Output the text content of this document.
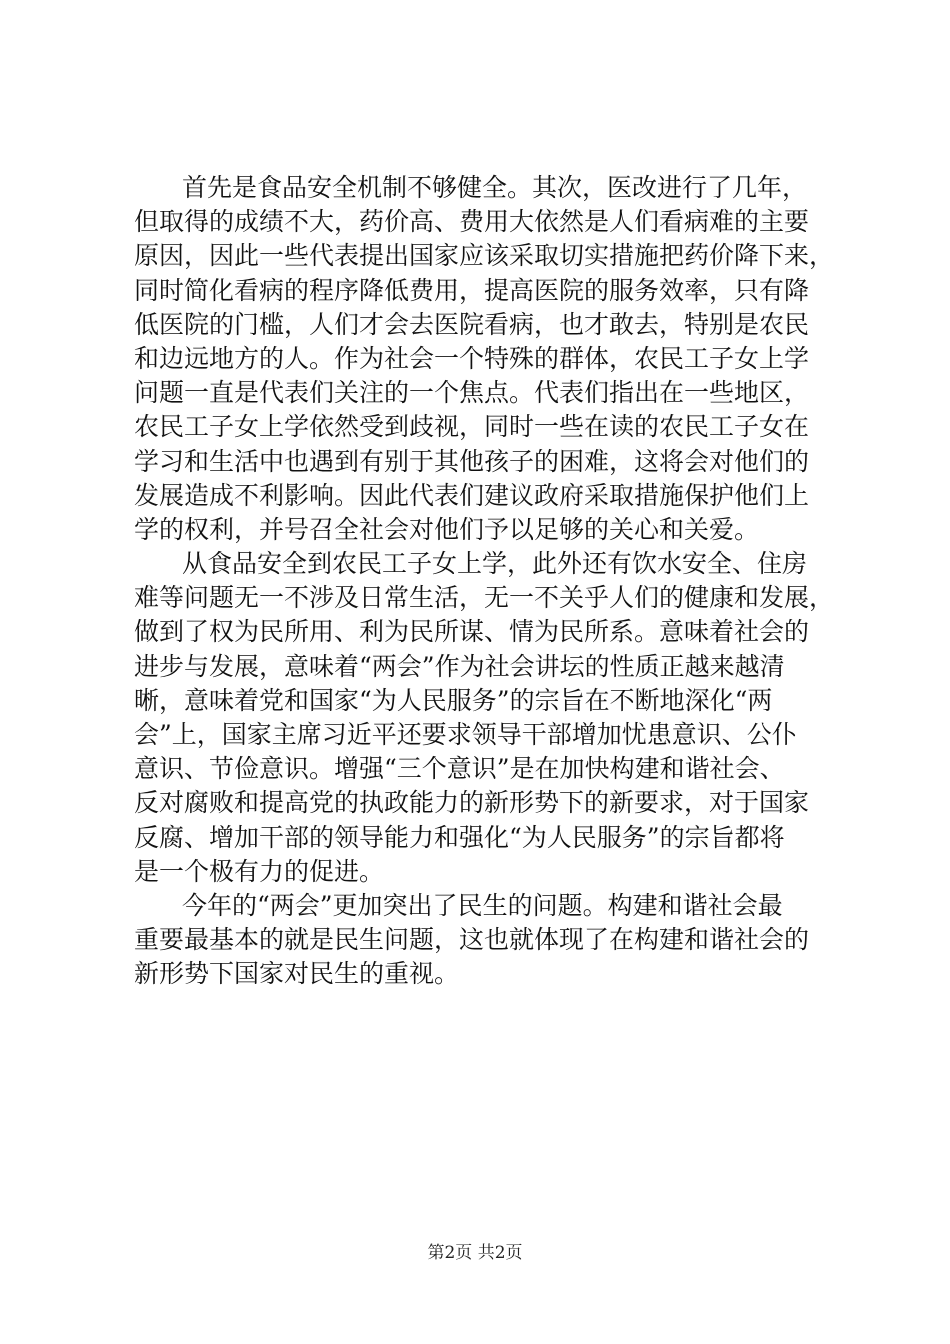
首先是食品安全机制不够健全。其次，医改进行了几年，
但取得的成绩不大，药价高、费用大依然是人们看病难的主要
原因，因此一些代表提出国家应该采取切实措施把药价降下来，
同时简化看病的程序降低费用，提高医院的服务效率，只有降
低医院的门槛，人们才会去医院看病，也才敢去，特别是农民
和边远地方的人。作为社会一个特殊的群体，农民工子女上学
问题一直是代表们关注的一个焦点。代表们指出在一些地区，
农民工子女上学依然受到歧视，同时一些在读的农民工子女在
学习和生活中也遇到有别于其他孩子的困难，这将会对他们的
发展造成不利影响。因此代表们建议政府采取措施保护他们上
学的权利，并号召全社会对他们予以足够的关心和关爱。
从食品安全到农民工子女上学，此外还有饮水安全、住房
难等问题无一不涉及日常生活，无一不关乎人们的健康和发展，
做到了权为民所用、利为民所谋、情为民所系。意味着社会的
进步与发展，意味着“两会”作为社会讲坛的性质正越来越清
晰，意味着党和国家“为人民服务”的宗旨在不断地深化“两
会”上，国家主席习近平还要求领导干部增加忧患意识、公仆
意识、节俭意识。增强“三个意识”是在加快构建和谐社会、
反对腐败和提高党的执政能力的新形势下的新要求，对于国家
反腐、增加干部的领导能力和强化“为人民服务”的宗旨都将
是一个极有力的促进。
今年的“两会”更加突出了民生的问题。构建和谐社会最
重要最基本的就是民生问题，这也就体现了在构建和谐社会的
新形势下国家对民生的重视。
第2页 共2页
